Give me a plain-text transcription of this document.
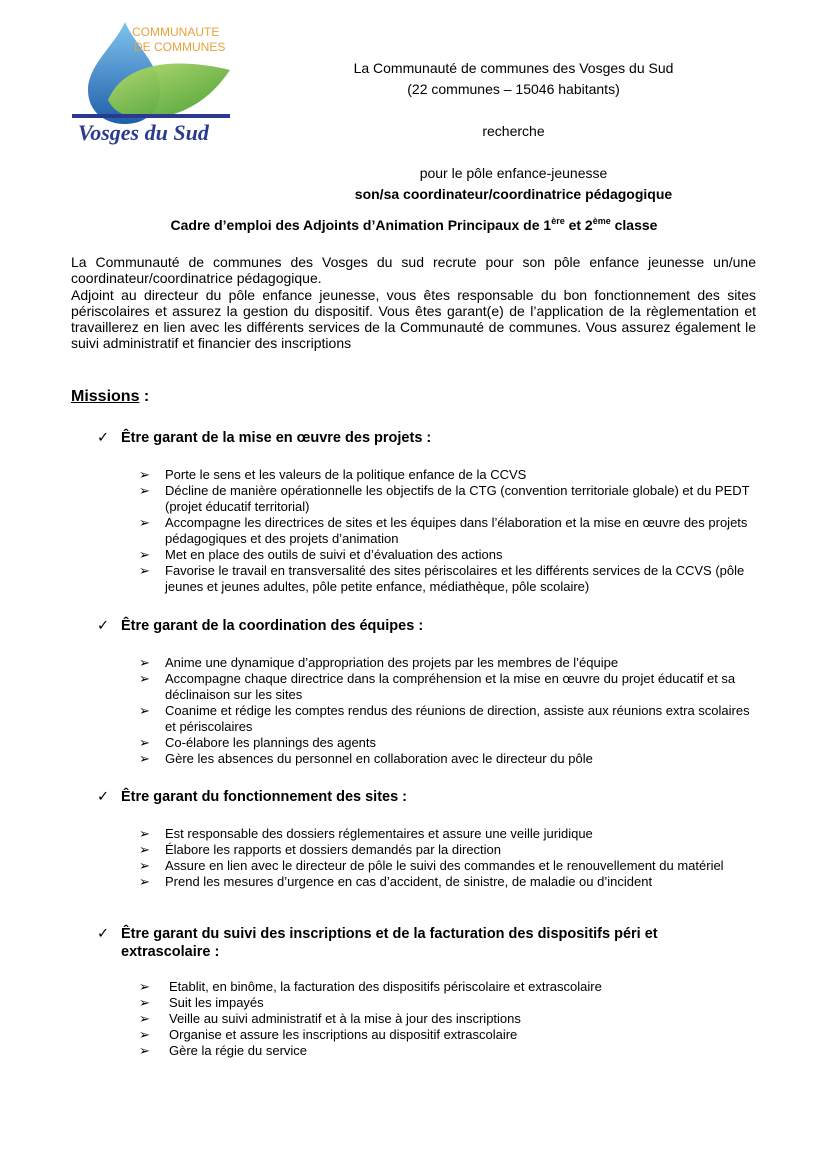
COMMUNAUTE
DE COMMUNES
Vosges du Sud
La Communauté de communes des Vosges du Sud
(22 communes – 15046 habitants)
recherche
pour le pôle enfance-jeunesse
son/sa coordinateur/coordinatrice pédagogique
Cadre d’emploi des Adjoints d’Animation Principaux de 1ère et 2ème classe

La Communauté de communes des Vosges du sud recrute pour son pôle enfance jeunesse un/une coordinateur/coordinatrice pédagogique.

Adjoint au directeur du pôle enfance jeunesse, vous êtes responsable du bon fonctionnement des sites périscolaires et assurez la gestion du dispositif. Vous êtes garant(e) de l’application de la règlementation et travaillerez en lien avec les différents services de la Communauté de communes. Vous assurez également le suivi administratif et financier des inscriptions

Missions :
✓ Être garant de la mise en œuvre des projets :
➢ Porte le sens et les valeurs de la politique enfance de la CCVS
➢ Décline de manière opérationnelle les objectifs de la CTG (convention territoriale globale) et du PEDT (projet éducatif territorial)
➢ Accompagne les directrices de sites et les équipes dans l’élaboration et la mise en œuvre des projets pédagogiques et des projets d’animation
➢ Met en place des outils de suivi et d’évaluation des actions
➢ Favorise le travail en transversalité des sites périscolaires et les différents services de la CCVS (pôle jeunes et jeunes adultes, pôle petite enfance, médiathèque, pôle scolaire)
✓ Être garant de la coordination des équipes :
➢ Anime une dynamique d’appropriation des projets par les membres de l’équipe
➢ Accompagne chaque directrice dans la compréhension et la mise en œuvre du projet éducatif et sa déclinaison sur les sites
➢ Coanime et rédige les comptes rendus des réunions de direction, assiste aux réunions extra scolaires et périscolaires
➢ Co-élabore les plannings des agents
➢ Gère les absences du personnel en collaboration avec le directeur du pôle
✓ Être garant du fonctionnement des sites :
➢ Est responsable des dossiers réglementaires et assure une veille juridique
➢ Élabore les rapports et dossiers demandés par la direction
➢ Assure en lien avec le directeur de pôle le suivi des commandes et le renouvellement du matériel
➢ Prend les mesures d’urgence en cas d’accident, de sinistre, de maladie ou d’incident
✓ Être garant du suivi des inscriptions et de la facturation des dispositifs péri et
extrascolaire :
➢ Etablit, en binôme, la facturation des dispositifs périscolaire et extrascolaire
➢ Suit les impayés
➢ Veille au suivi administratif et à la mise à jour des inscriptions
➢ Organise et assure les inscriptions au dispositif extrascolaire
➢ Gère la régie du service
